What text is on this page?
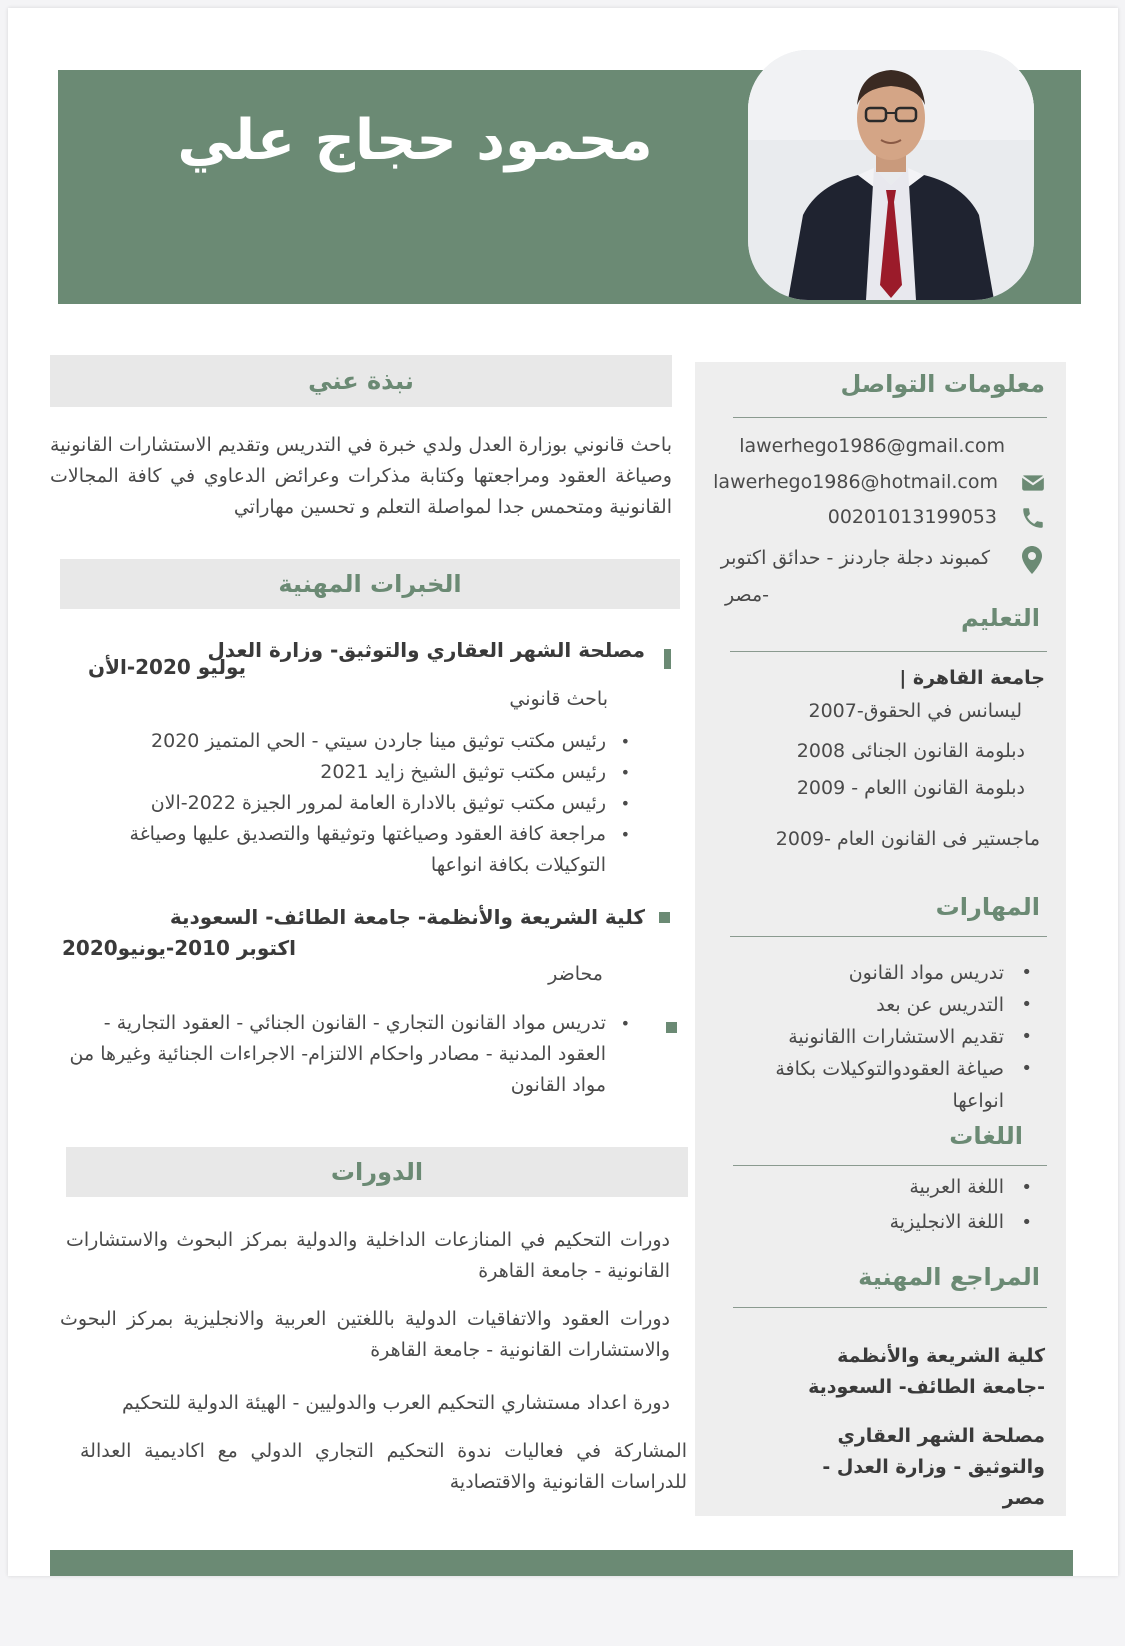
محمود حجاج علي
نبذة عني
باحث قانوني بوزارة العدل ولدي خبرة في التدريس وتقديم الاستشارات القانونية وصياغة العقود ومراجعتها وكتابة مذكرات وعرائض الدعاوي في كافة المجالات القانونية ومتحمس جدا لمواصلة التعلم و تحسين مهاراتي
الخبرات المهنية
مصلحة الشهر العقاري والتوثيق- وزارة العدل
يوليو 2020-الأن
باحث قانوني
• رئيس مكتب توثيق مينا جاردن سيتي - الحي المتميز 2020
• رئيس مكتب توثيق الشيخ زايد 2021
• رئيس مكتب توثيق بالادارة العامة لمرور الجيزة 2022-الان
• مراجعة كافة العقود وصياغتها وتوثيقها والتصديق عليها وصياغة التوكيلات بكافة انواعها
كلية الشريعة والأنظمة- جامعة الطائف- السعودية
اكتوبر 2010-يونيو2020
محاضر
• تدريس مواد القانون التجاري - القانون الجنائي - العقود التجارية - العقود المدنية - مصادر واحكام الالتزام- الاجراءات الجنائية وغيرها من مواد القانون
الدورات
دورات التحكيم في المنازعات الداخلية والدولية بمركز البحوث والاستشارات القانونية - جامعة القاهرة
دورات العقود والاتفاقيات الدولية باللغتين العربية والانجليزية بمركز البحوث والاستشارات القانونية - جامعة القاهرة
دورة اعداد مستشاري التحكيم العرب والدوليين - الهيئة الدولية للتحكيم
المشاركة في فعاليات ندوة التحكيم التجاري الدولي مع اكاديمية العدالة للدراسات القانونية والاقتصادية
معلومات التواصل
lawerhego1986@gmail.com
lawerhego1986@hotmail.com
00201013199053
كمبوند دجلة جاردنز - حدائق اكتوبر
-مصر
التعليم
جامعة القاهرة |
ليسانس في الحقوق-2007
دبلومة القانون الجنائى 2008
دبلومة القانون االعام - 2009
ماجستير فى القانون العام -2009
المهارات
• تدريس مواد القانون
• التدريس عن بعد
• تقديم الاستشارات االقانونية
• صياغة العقودوالتوكيلات بكافة انواعها
اللغات
• اللغة العربية
• اللغة الانجليزية
المراجع المهنية
كلية الشريعة والأنظمة -جامعة الطائف- السعودية
مصلحة الشهر العقاري والتوثيق - وزارة العدل - مصر
